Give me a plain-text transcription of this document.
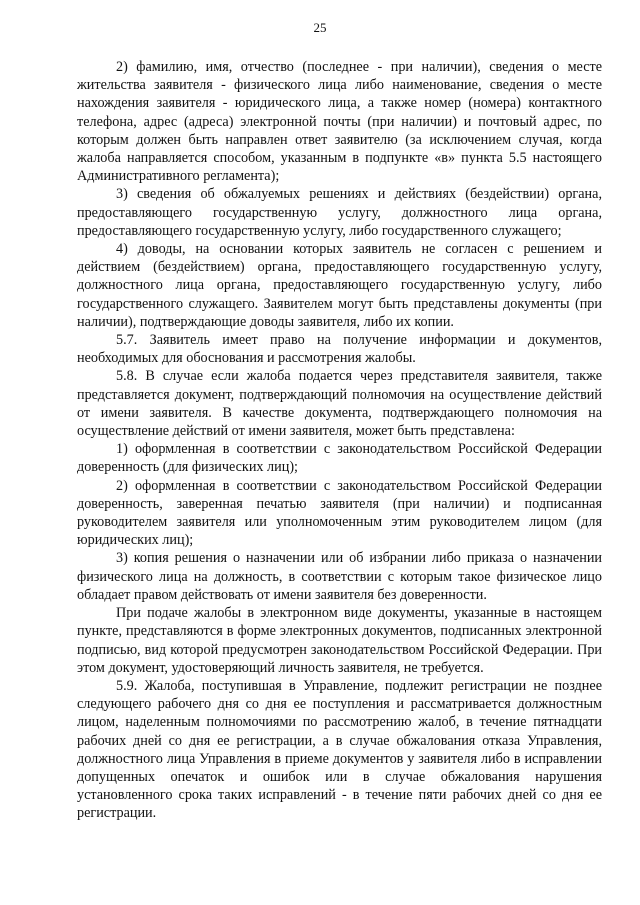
25

2) фамилию, имя, отчество (последнее - при наличии), сведения о месте жительства заявителя - физического лица либо наименование, сведения о месте нахождения заявителя - юридического лица, а также номер (номера) контактного телефона, адрес (адреса) электронной почты (при наличии) и почтовый адрес, по которым должен быть направлен ответ заявителю (за исключением случая, когда жалоба направляется способом, указанным в подпункте «в» пункта 5.5 настоящего Административного регламента);

3) сведения об обжалуемых решениях и действиях (бездействии) органа, предоставляющего государственную услугу, должностного лица органа, предоставляющего государственную услугу, либо государственного служащего;

4) доводы, на основании которых заявитель не согласен с решением и действием (бездействием) органа, предоставляющего государственную услугу, должностного лица органа, предоставляющего государственную услугу, либо государственного служащего. Заявителем могут быть представлены документы (при наличии), подтверждающие доводы заявителя, либо их копии.

5.7. Заявитель имеет право на получение информации и документов, необходимых для обоснования и рассмотрения жалобы.

5.8. В случае если жалоба подается через представителя заявителя, также представляется документ, подтверждающий полномочия на осуществление действий от имени заявителя. В качестве документа, подтверждающего полномочия на осуществление действий от имени заявителя, может быть представлена:

1) оформленная в соответствии с законодательством Российской Федерации доверенность (для физических лиц);

2) оформленная в соответствии с законодательством Российской Федерации доверенность, заверенная печатью заявителя (при наличии) и подписанная руководителем заявителя или уполномоченным этим руководителем лицом (для юридических лиц);

3) копия решения о назначении или об избрании либо приказа о назначении физического лица на должность, в соответствии с которым такое физическое лицо обладает правом действовать от имени заявителя без доверенности.

При подаче жалобы в электронном виде документы, указанные в настоящем пункте, представляются в форме электронных документов, подписанных электронной подписью, вид которой предусмотрен законодательством Российской Федерации. При этом документ, удостоверяющий личность заявителя, не требуется.

5.9. Жалоба, поступившая в Управление, подлежит регистрации не позднее следующего рабочего дня со дня ее поступления и рассматривается должностным лицом, наделенным полномочиями по рассмотрению жалоб, в течение пятнадцати рабочих дней со дня ее регистрации, а в случае обжалования отказа Управления, должностного лица Управления в приеме документов у заявителя либо в исправлении допущенных опечаток и ошибок или в случае обжалования нарушения установленного срока таких исправлений - в течение пяти рабочих дней со дня ее регистрации.
